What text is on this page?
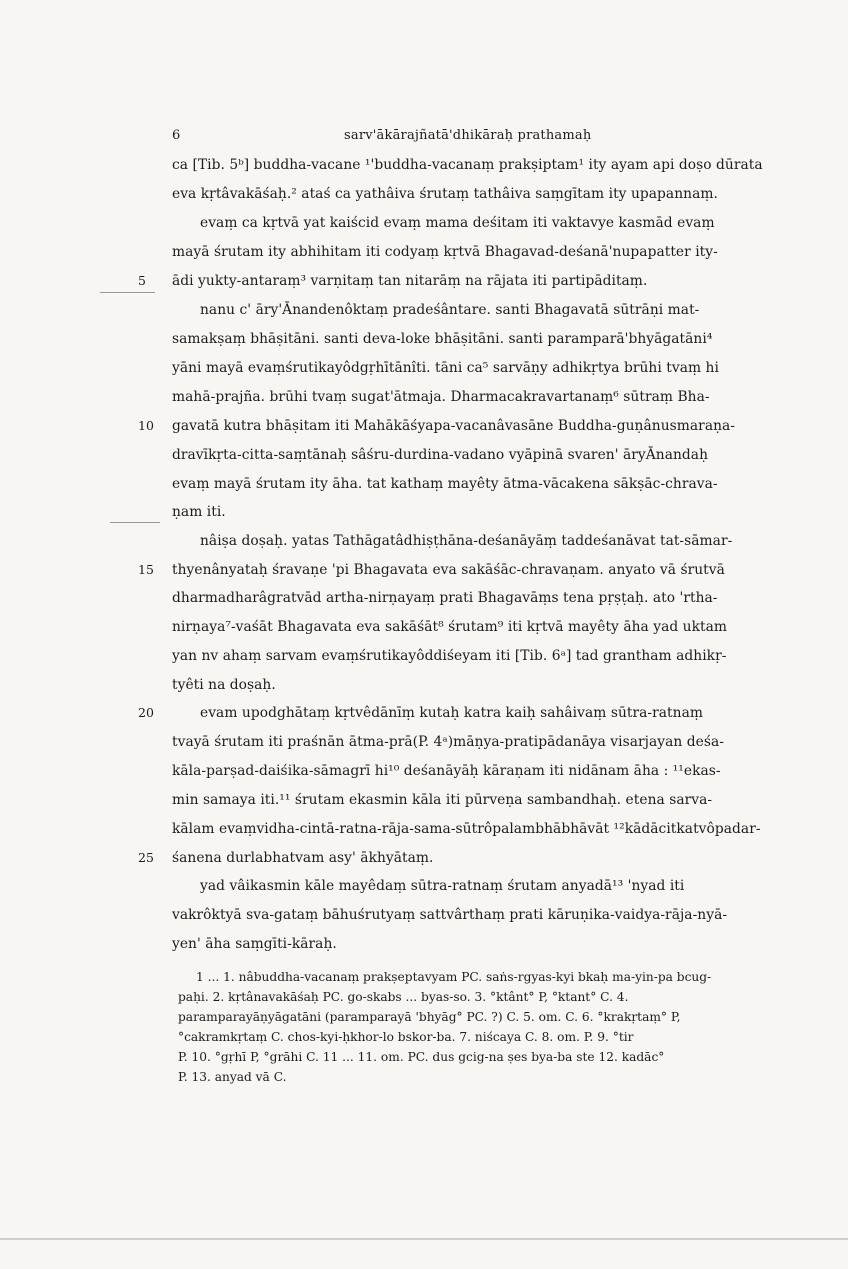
6	sarv'ākārajñatā'dhikāraḥ prathamaḥ
5
10
15
20
25
ca [Tib. 5ᵇ] buddha-vacane ¹'buddha-vacanaṃ prakṣiptam¹ ity ayam api doṣo dūrata
eva kṛtâvakāśaḥ.² ataś ca yathâiva śrutaṃ tathâiva saṃgītam ity upapannaṃ.
evaṃ ca kṛtvā yat kaiścid evaṃ mama deśitam iti vaktavye kasmād evaṃ
mayā śrutam ity abhihitam iti codyaṃ kṛtvā Bhagavad-deśanā'nupapatter ity-
ādi yukty-antaraṃ³ varṇitaṃ tan nitarāṃ na rājata iti partipāditaṃ.
nanu c' āry'Ānandenôktaṃ pradeśântare. santi Bhagavatā sūtrāṇi mat-
samakṣaṃ bhāṣitāni. santi deva-loke bhāṣitāni. santi paramparā'bhyāgatāni⁴
yāni mayā evaṃśrutikayôdgṛhītānîti. tāni ca⁵ sarvāṇy adhikṛtya brūhi tvaṃ hi
mahā-prajña. brūhi tvaṃ sugat'ātmaja. Dharmacakravartanaṃ⁶ sūtraṃ Bha-
gavatā kutra bhāṣitam iti Mahākāśyapa-vacanâvasāne Buddha-guṇânusmaraṇa-
dravīkṛta-citta-saṃtānaḥ sâśru-durdina-vadano vyāpinā svaren' āryĀnandaḥ
evaṃ mayā śrutam ity āha. tat kathaṃ mayêty ātma-vācakena sākṣāc-chrava-
ṇam iti.
nâiṣa doṣaḥ. yatas Tathāgatâdhiṣṭhāna-deśanāyāṃ taddeśanāvat tat-sāmar-
thyenânyataḥ śravaṇe 'pi Bhagavata eva sakāśāc-chravaṇam. anyato vā śrutvā
dharmadharâgratvād artha-nirṇayaṃ prati Bhagavāṃs tena pṛṣṭaḥ. ato 'rtha-
nirṇaya⁷-vaśāt Bhagavata eva sakāśāt⁸ śrutam⁹ iti kṛtvā mayêty āha yad uktam
yan nv ahaṃ sarvam evaṃśrutikayôddiśeyam iti [Tib. 6ᵃ] tad grantham adhikṛ-
tyêti na doṣaḥ.
evam upodghātaṃ kṛtvêdānīṃ kutaḥ katra kaiḥ sahâivaṃ sūtra-ratnaṃ
tvayā śrutam iti praśnān ātma-prā(P. 4ᵃ)māṇya-pratipādanāya visarjayan deśa-
kāla-parṣad-daiśika-sāmagrī hi¹⁰ deśanāyāḥ kāraṇam iti nidānam āha : ¹¹ekas-
min samaya iti.¹¹ śrutam ekasmin kāla iti pūrveṇa sambandhaḥ. etena sarva-
kālam evaṃvidha-cintā-ratna-rāja-sama-sūtrôpalambhābhāvāt ¹²kādācitkatvôpadar-
śanena durlabhatvam asy' ākhyātaṃ.
yad vâikasmin kāle mayêdaṃ sūtra-ratnaṃ śrutam anyadā¹³ 'nyad iti
vakrôktyā sva-gataṃ bāhuśrutyaṃ sattvârthaṃ prati kāruṇika-vaidya-rāja-nyā-
yen' āha saṃgīti-kāraḥ.
1 ... 1. nâbuddha-vacanaṃ prakṣeptavyam PC. saṅs-rgyas-kyi bkaḥ ma-yin-pa bcug-
paḥi. 2. kṛtânavakāśaḥ PC. go-skabs ... byas-so. 3. °ktânt° P, °ktant° C. 4.
paramparayāṇyāgatāni (paramparayā 'bhyāg° PC. ?) C. 5. om. C. 6. °krakṛtaṃ° P,
°cakramkṛtaṃ C. chos-kyi-ḥkhor-lo bskor-ba. 7. niścaya C. 8. om. P. 9. °tir
P. 10. °gṛhī P, °grāhi C. 11 ... 11. om. PC. dus gcig-na ṣes bya-ba ste 12. kadāc°
P. 13. anyad vā C.
